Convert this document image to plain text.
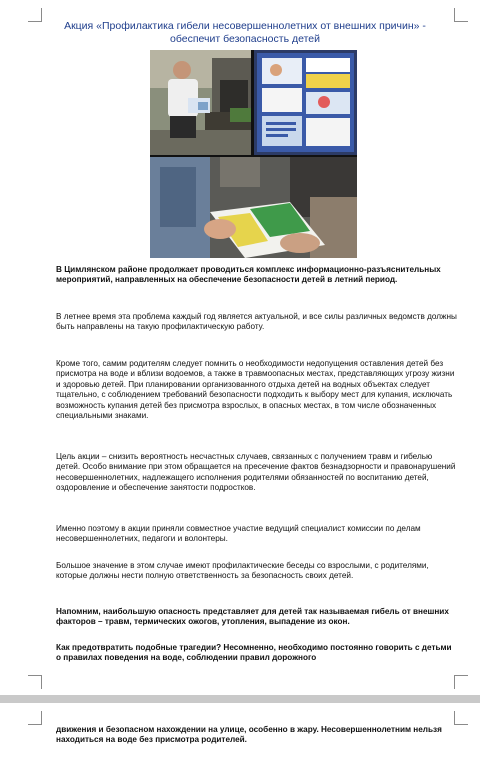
Акция «Профилактика гибели несовершеннолетних от внешних причин» - обеспечит безопасность детей

В Цимлянском районе продолжает проводиться комплекс информационно-разъяснительных мероприятий, направленных на обеспечение безопасности детей в летний период.

В летнее время эта проблема каждый год является актуальной, и все силы различных ведомств должны быть направлены на такую профилактическую работу.

Кроме того, самим родителям следует помнить о необходимости недопущения оставления детей без присмотра на воде и вблизи водоемов, а также в травмоопасных местах, представляющих угрозу жизни и здоровью детей. При планировании организованного отдыха детей на водных объектах следует тщательно, с соблюдением требований безопасности подходить к выбору мест для купания, исключать возможность купания детей без присмотра взрослых, в опасных местах, в том числе обозначенных специальными знаками.

Цель акции – снизить вероятность несчастных случаев, связанных с получением травм и гибелью детей. Особо внимание при этом обращается на пресечение фактов безнадзорности и правонарушений несовершеннолетних, надлежащего исполнения родителями обязанностей по воспитанию детей, оздоровление и обеспечение занятости подростков.

Именно поэтому в акции приняли совместное участие ведущий специалист комиссии по делам несовершеннолетних, педагоги и волонтеры.

Большое значение в этом случае имеют профилактические беседы со взрослыми, с родителями, которые должны нести полную ответственность за безопасность своих детей.

Напомним, наибольшую опасность представляет для детей так называемая гибель от внешних факторов – травм, термических ожогов, утопления, выпадение из окон.

Как предотвратить подобные трагедии? Несомненно, необходимо постоянно говорить с детьми о правилах поведения на воде, соблюдении правил дорожного

движения и безопасном нахождении на улице, особенно в жару. Несовершеннолетним нельзя находиться на воде без присмотра родителей.
